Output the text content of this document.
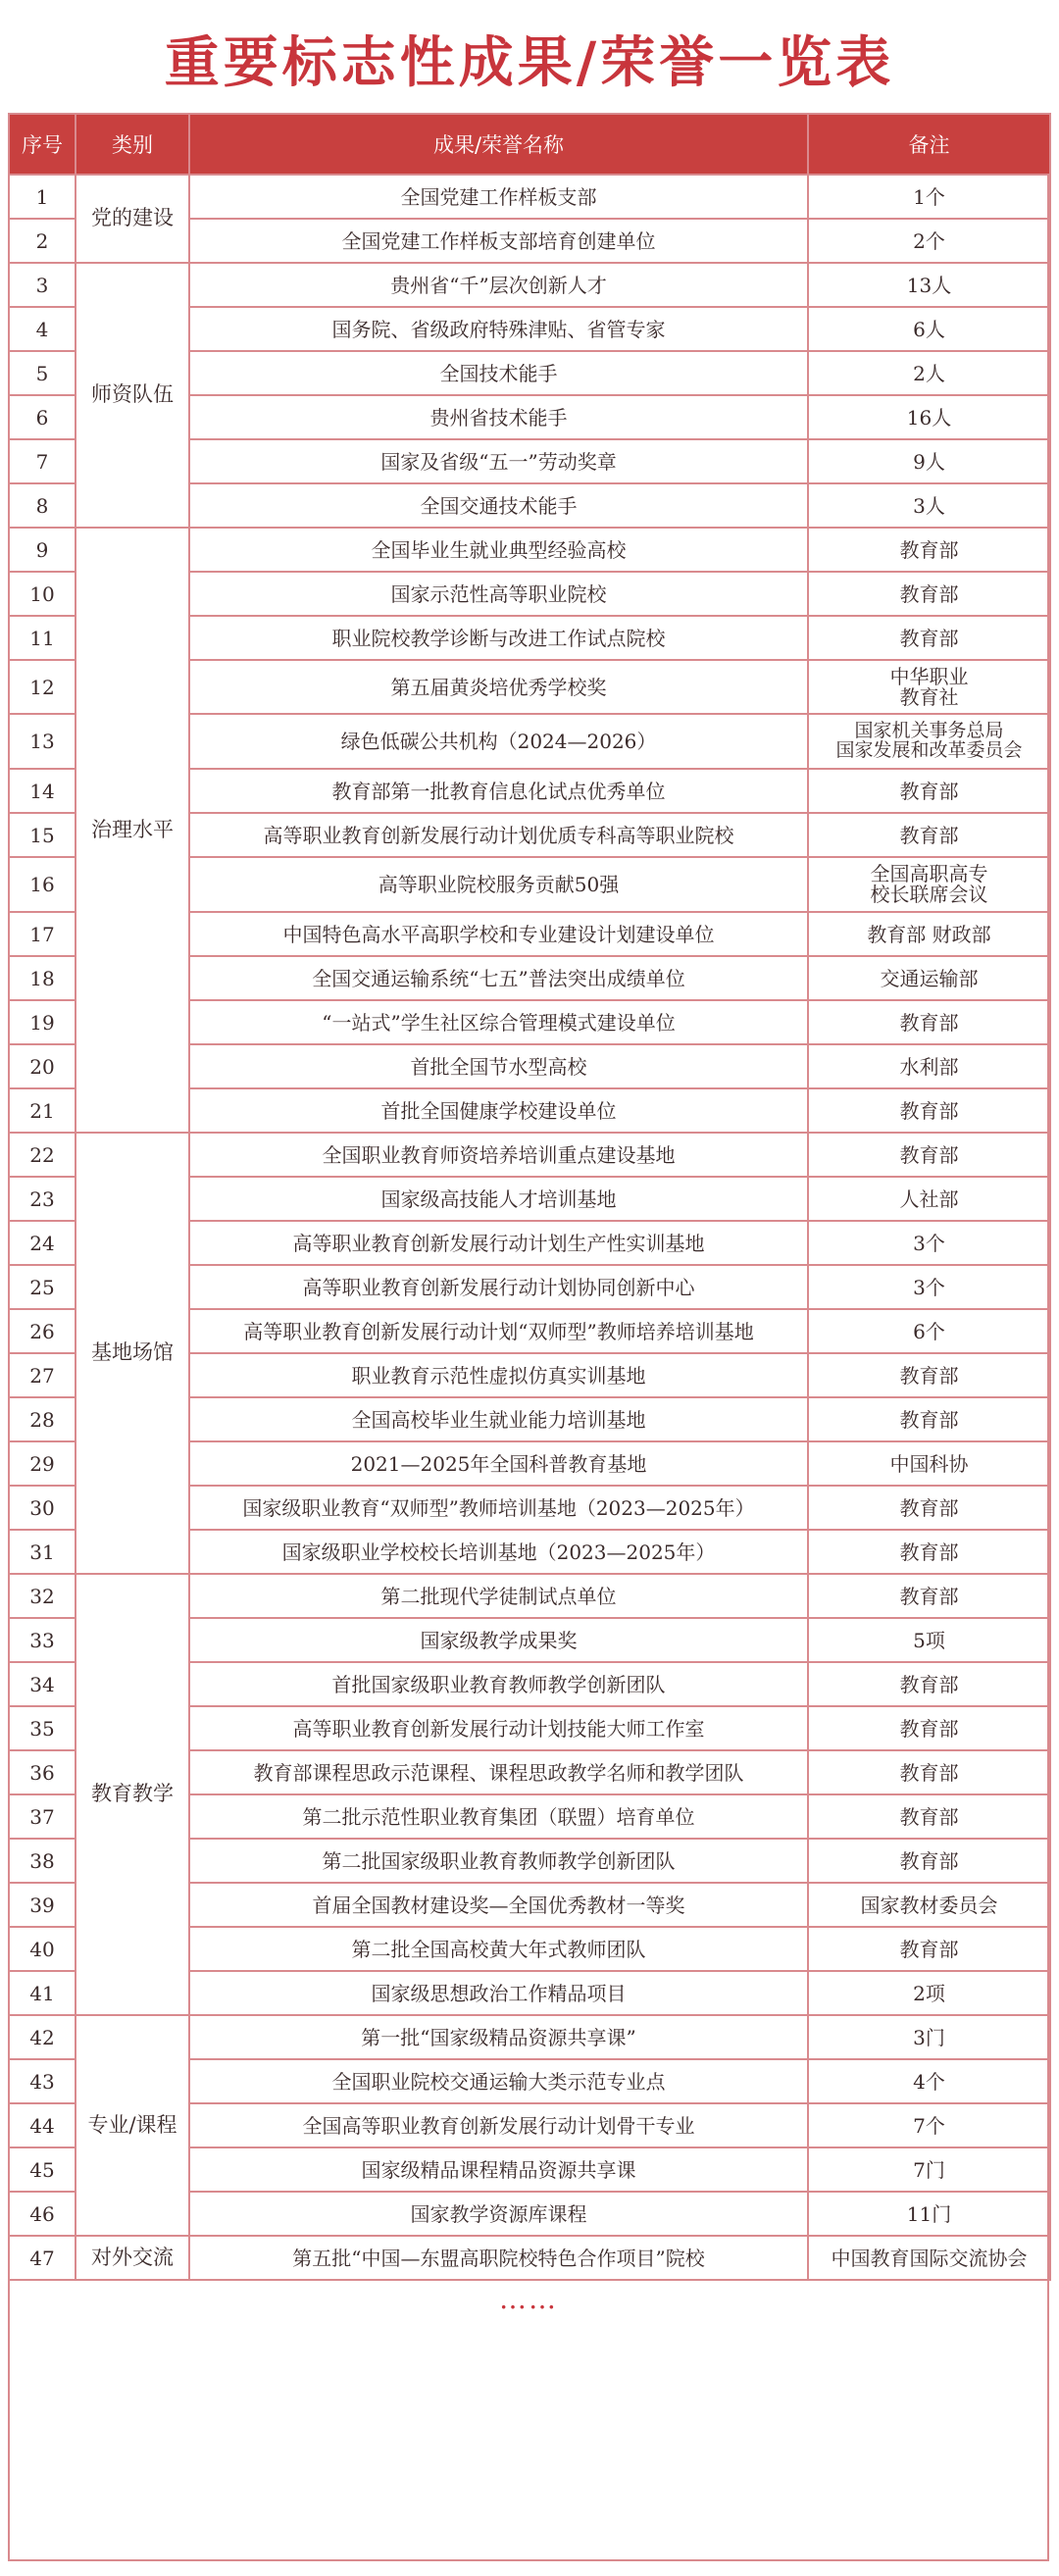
重要标志性成果/荣誉一览表
序号	类别	成果/荣誉名称	备注
1	党的建设	全国党建工作样板支部	1个
2		全国党建工作样板支部培育创建单位	2个
3	师资队伍	贵州省“千”层次创新人才	13人
4		国务院、省级政府特殊津贴、省管专家	6人
5		全国技术能手	2人
6		贵州省技术能手	16人
7		国家及省级“五一”劳动奖章	9人
8		全国交通技术能手	3人
9	治理水平	全国毕业生就业典型经验高校	教育部
10		国家示范性高等职业院校	教育部
11		职业院校教学诊断与改进工作试点院校	教育部
12		第五届黄炎培优秀学校奖	中华职业
教育社
13		绿色低碳公共机构（2024—2026）	国家机关事务总局
国家发展和改革委员会
14		教育部第一批教育信息化试点优秀单位	教育部
15		高等职业教育创新发展行动计划优质专科高等职业院校	教育部
16		高等职业院校服务贡献50强	全国高职高专
校长联席会议
17		中国特色高水平高职学校和专业建设计划建设单位	教育部 财政部
18		全国交通运输系统“七五”普法突出成绩单位	交通运输部
19		“一站式”学生社区综合管理模式建设单位	教育部
20		首批全国节水型高校	水利部
21		首批全国健康学校建设单位	教育部
22	基地场馆	全国职业教育师资培养培训重点建设基地	教育部
23		国家级高技能人才培训基地	人社部
24		高等职业教育创新发展行动计划生产性实训基地	3个
25		高等职业教育创新发展行动计划协同创新中心	3个
26		高等职业教育创新发展行动计划“双师型”教师培养培训基地	6个
27		职业教育示范性虚拟仿真实训基地	教育部
28		全国高校毕业生就业能力培训基地	教育部
29		2021—2025年全国科普教育基地	中国科协
30		国家级职业教育“双师型”教师培训基地（2023—2025年）	教育部
31		国家级职业学校校长培训基地（2023—2025年）	教育部
32	教育教学	第二批现代学徒制试点单位	教育部
33		国家级教学成果奖	5项
34		首批国家级职业教育教师教学创新团队	教育部
35		高等职业教育创新发展行动计划技能大师工作室	教育部
36		教育部课程思政示范课程、课程思政教学名师和教学团队	教育部
37		第二批示范性职业教育集团（联盟）培育单位	教育部
38		第二批国家级职业教育教师教学创新团队	教育部
39		首届全国教材建设奖—全国优秀教材一等奖	国家教材委员会
40		第二批全国高校黄大年式教师团队	教育部
41		国家级思想政治工作精品项目	2项
42	专业/课程	第一批“国家级精品资源共享课”	3门
43		全国职业院校交通运输大类示范专业点	4个
44		全国高等职业教育创新发展行动计划骨干专业	7个
45		国家级精品课程精品资源共享课	7门
46		国家教学资源库课程	11门
47	对外交流	第五批“中国—东盟高职院校特色合作项目”院校	中国教育国际交流协会
……
